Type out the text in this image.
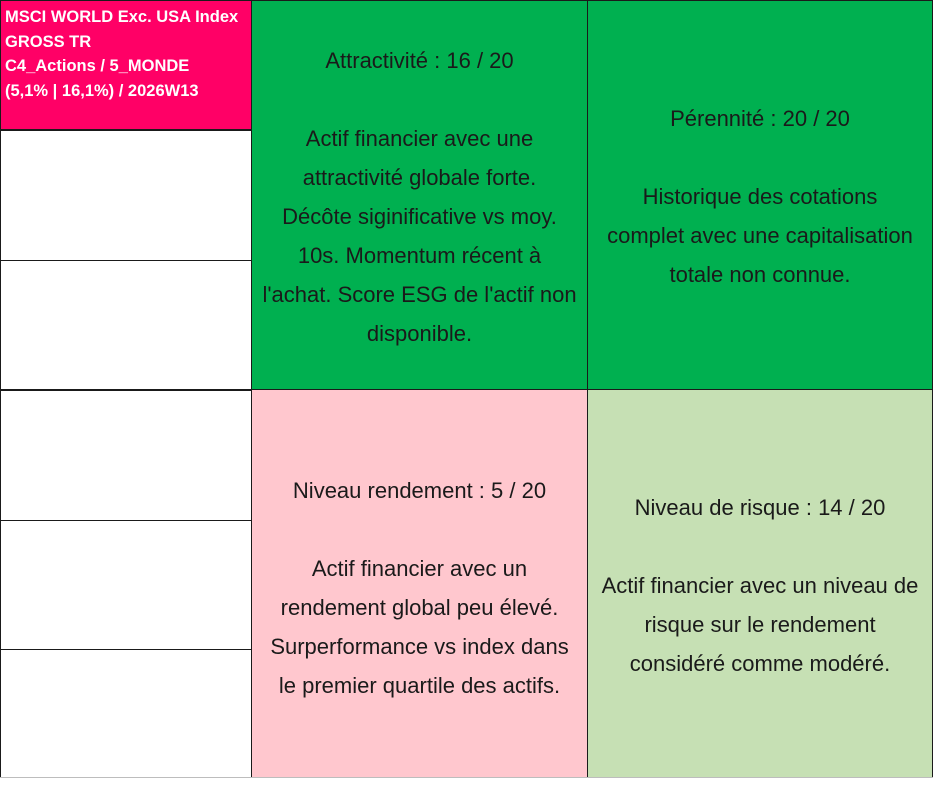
MSCI WORLD Exc. USA Index
GROSS TR
C4_Actions / 5_MONDE
(5,1% | 16,1%) / 2026W13
Attractivité : 16 / 20
Actif financier avec une
attractivité globale forte.
Décôte siginificative vs moy.
10s. Momentum récent à
l'achat. Score ESG de l'actif non
disponible.
Pérennité : 20 / 20
Historique des cotations
complet avec une capitalisation
totale non connue.
Niveau rendement : 5 / 20
Actif financier avec un
rendement global peu élevé.
Surperformance vs index dans
le premier quartile des actifs.
Niveau de risque : 14 / 20
Actif financier avec un niveau de
risque sur le rendement
considéré comme modéré.
